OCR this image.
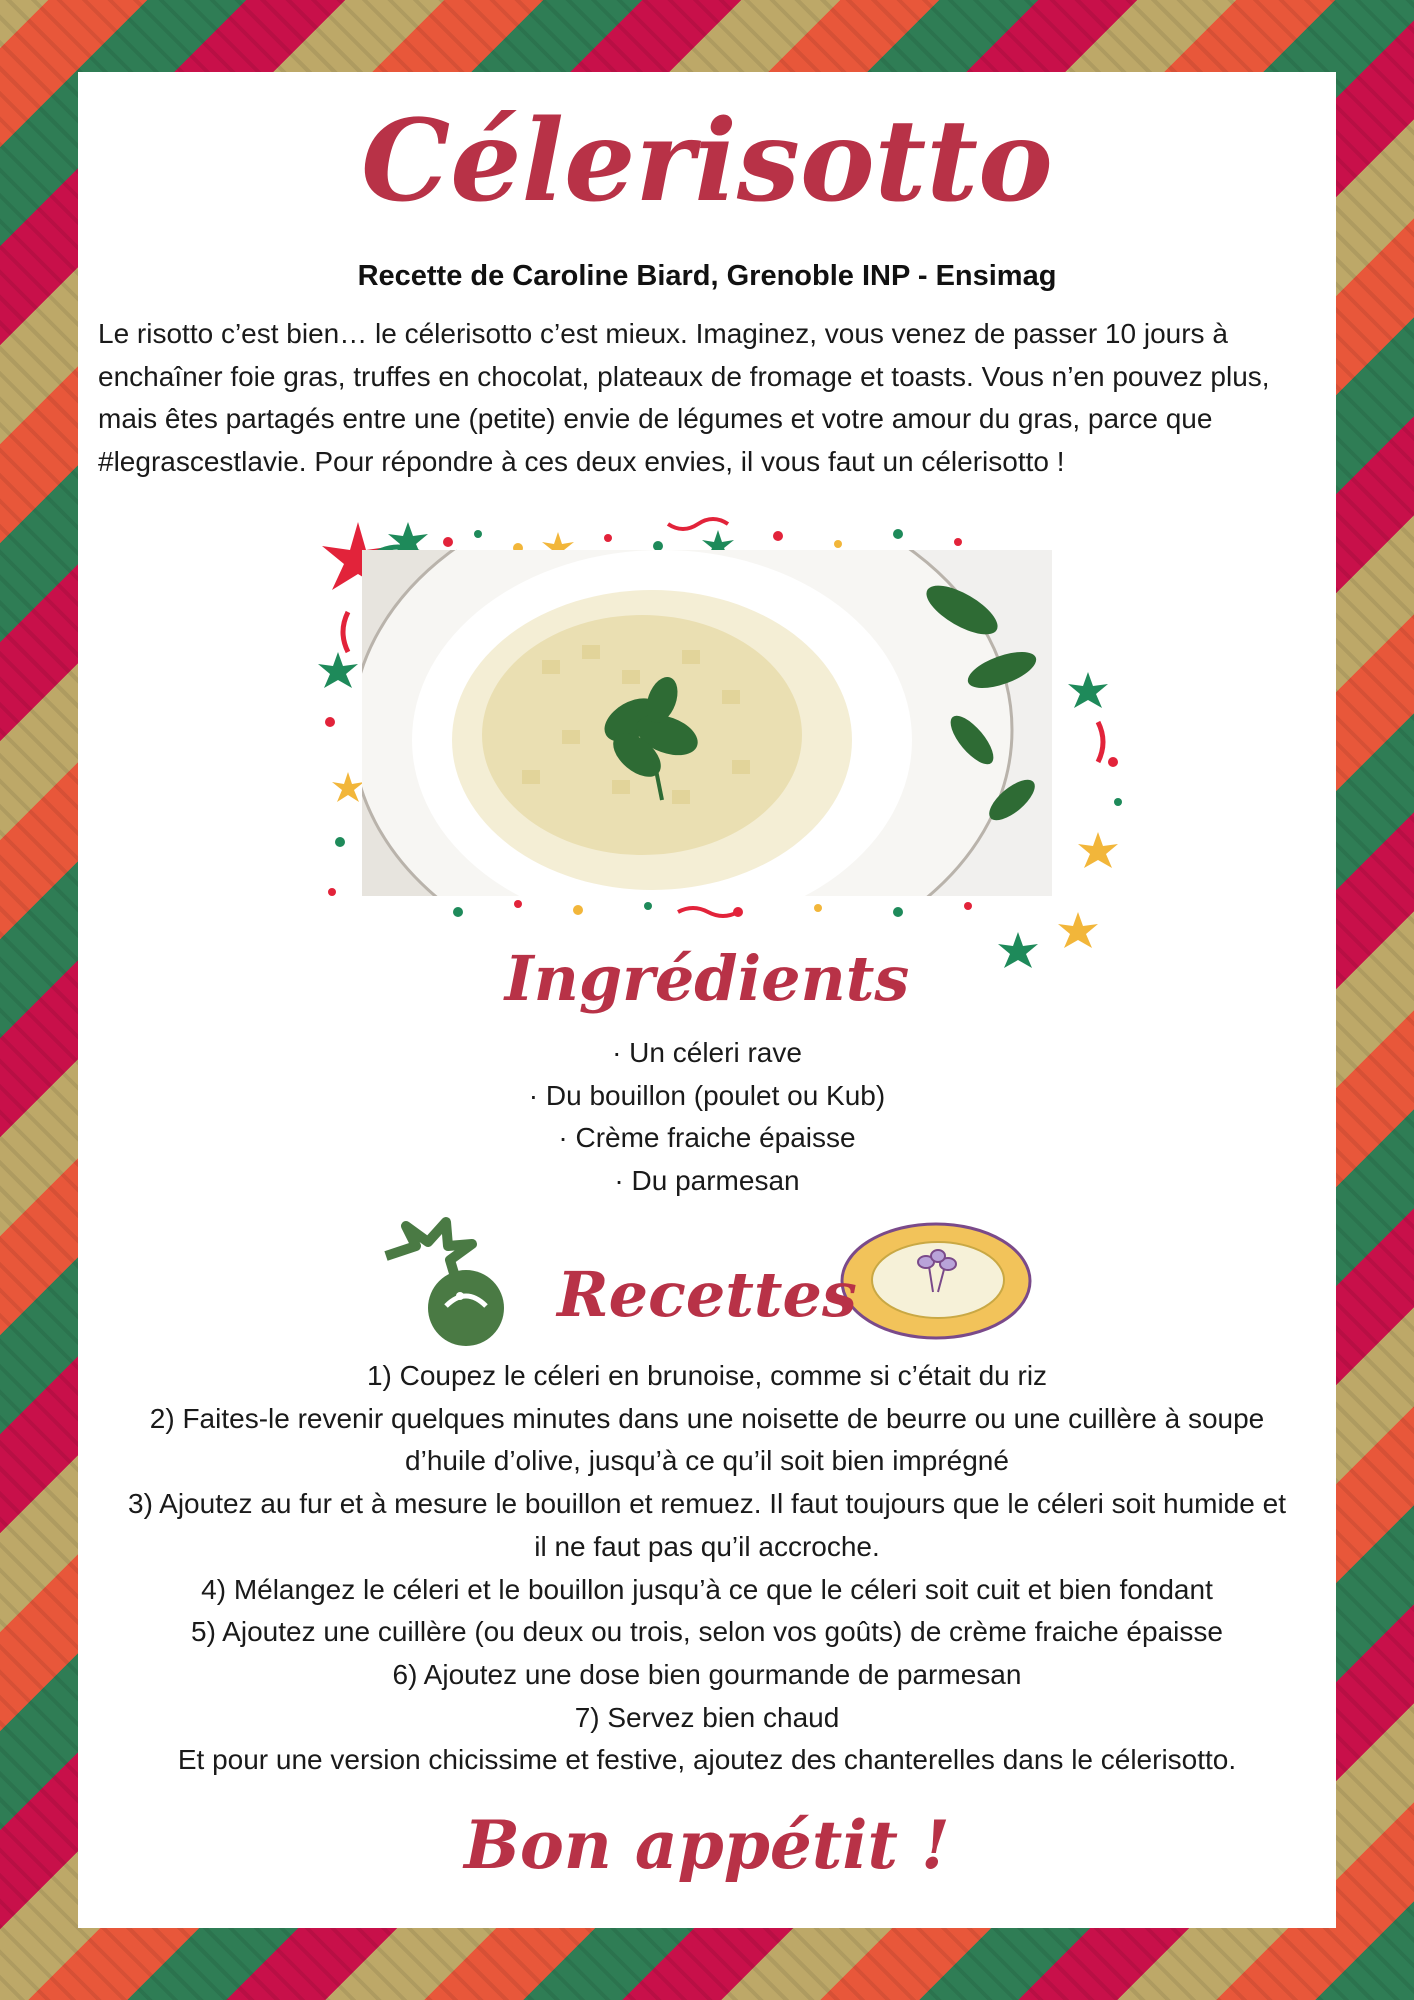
Célerisotto
Recette de Caroline Biard, Grenoble INP - Ensimag
Le risotto c’est bien… le célerisotto c’est mieux. Imaginez, vous venez de passer 10 jours à enchaîner foie gras, truffes en chocolat, plateaux de fromage et toasts. Vous n’en pouvez plus, mais êtes partagés entre une (petite) envie de légumes et votre amour du gras, parce que #legrascestlavie. Pour répondre à ces deux envies, il vous faut un célerisotto !
Ingrédients
· Un céleri rave
· Du bouillon (poulet ou Kub)
· Crème fraiche épaisse
· Du parmesan
Recettes

1) Coupez le céleri en brunoise, comme si c’était du riz

2) Faites-le revenir quelques minutes dans une noisette de beurre ou une cuillère à soupe d’huile d’olive, jusqu’à ce qu’il soit bien imprégné

3) Ajoutez au fur et à mesure le bouillon et remuez. Il faut toujours que le céleri soit humide et il ne faut pas qu’il accroche.

4) Mélangez le céleri et le bouillon jusqu’à ce que le céleri soit cuit et bien fondant

5) Ajoutez une cuillère (ou deux ou trois, selon vos goûts) de crème fraiche épaisse

6) Ajoutez une dose bien gourmande de parmesan

7) Servez bien chaud

Et pour une version chicissime et festive, ajoutez des chanterelles dans le célerisotto.

Bon appétit !
